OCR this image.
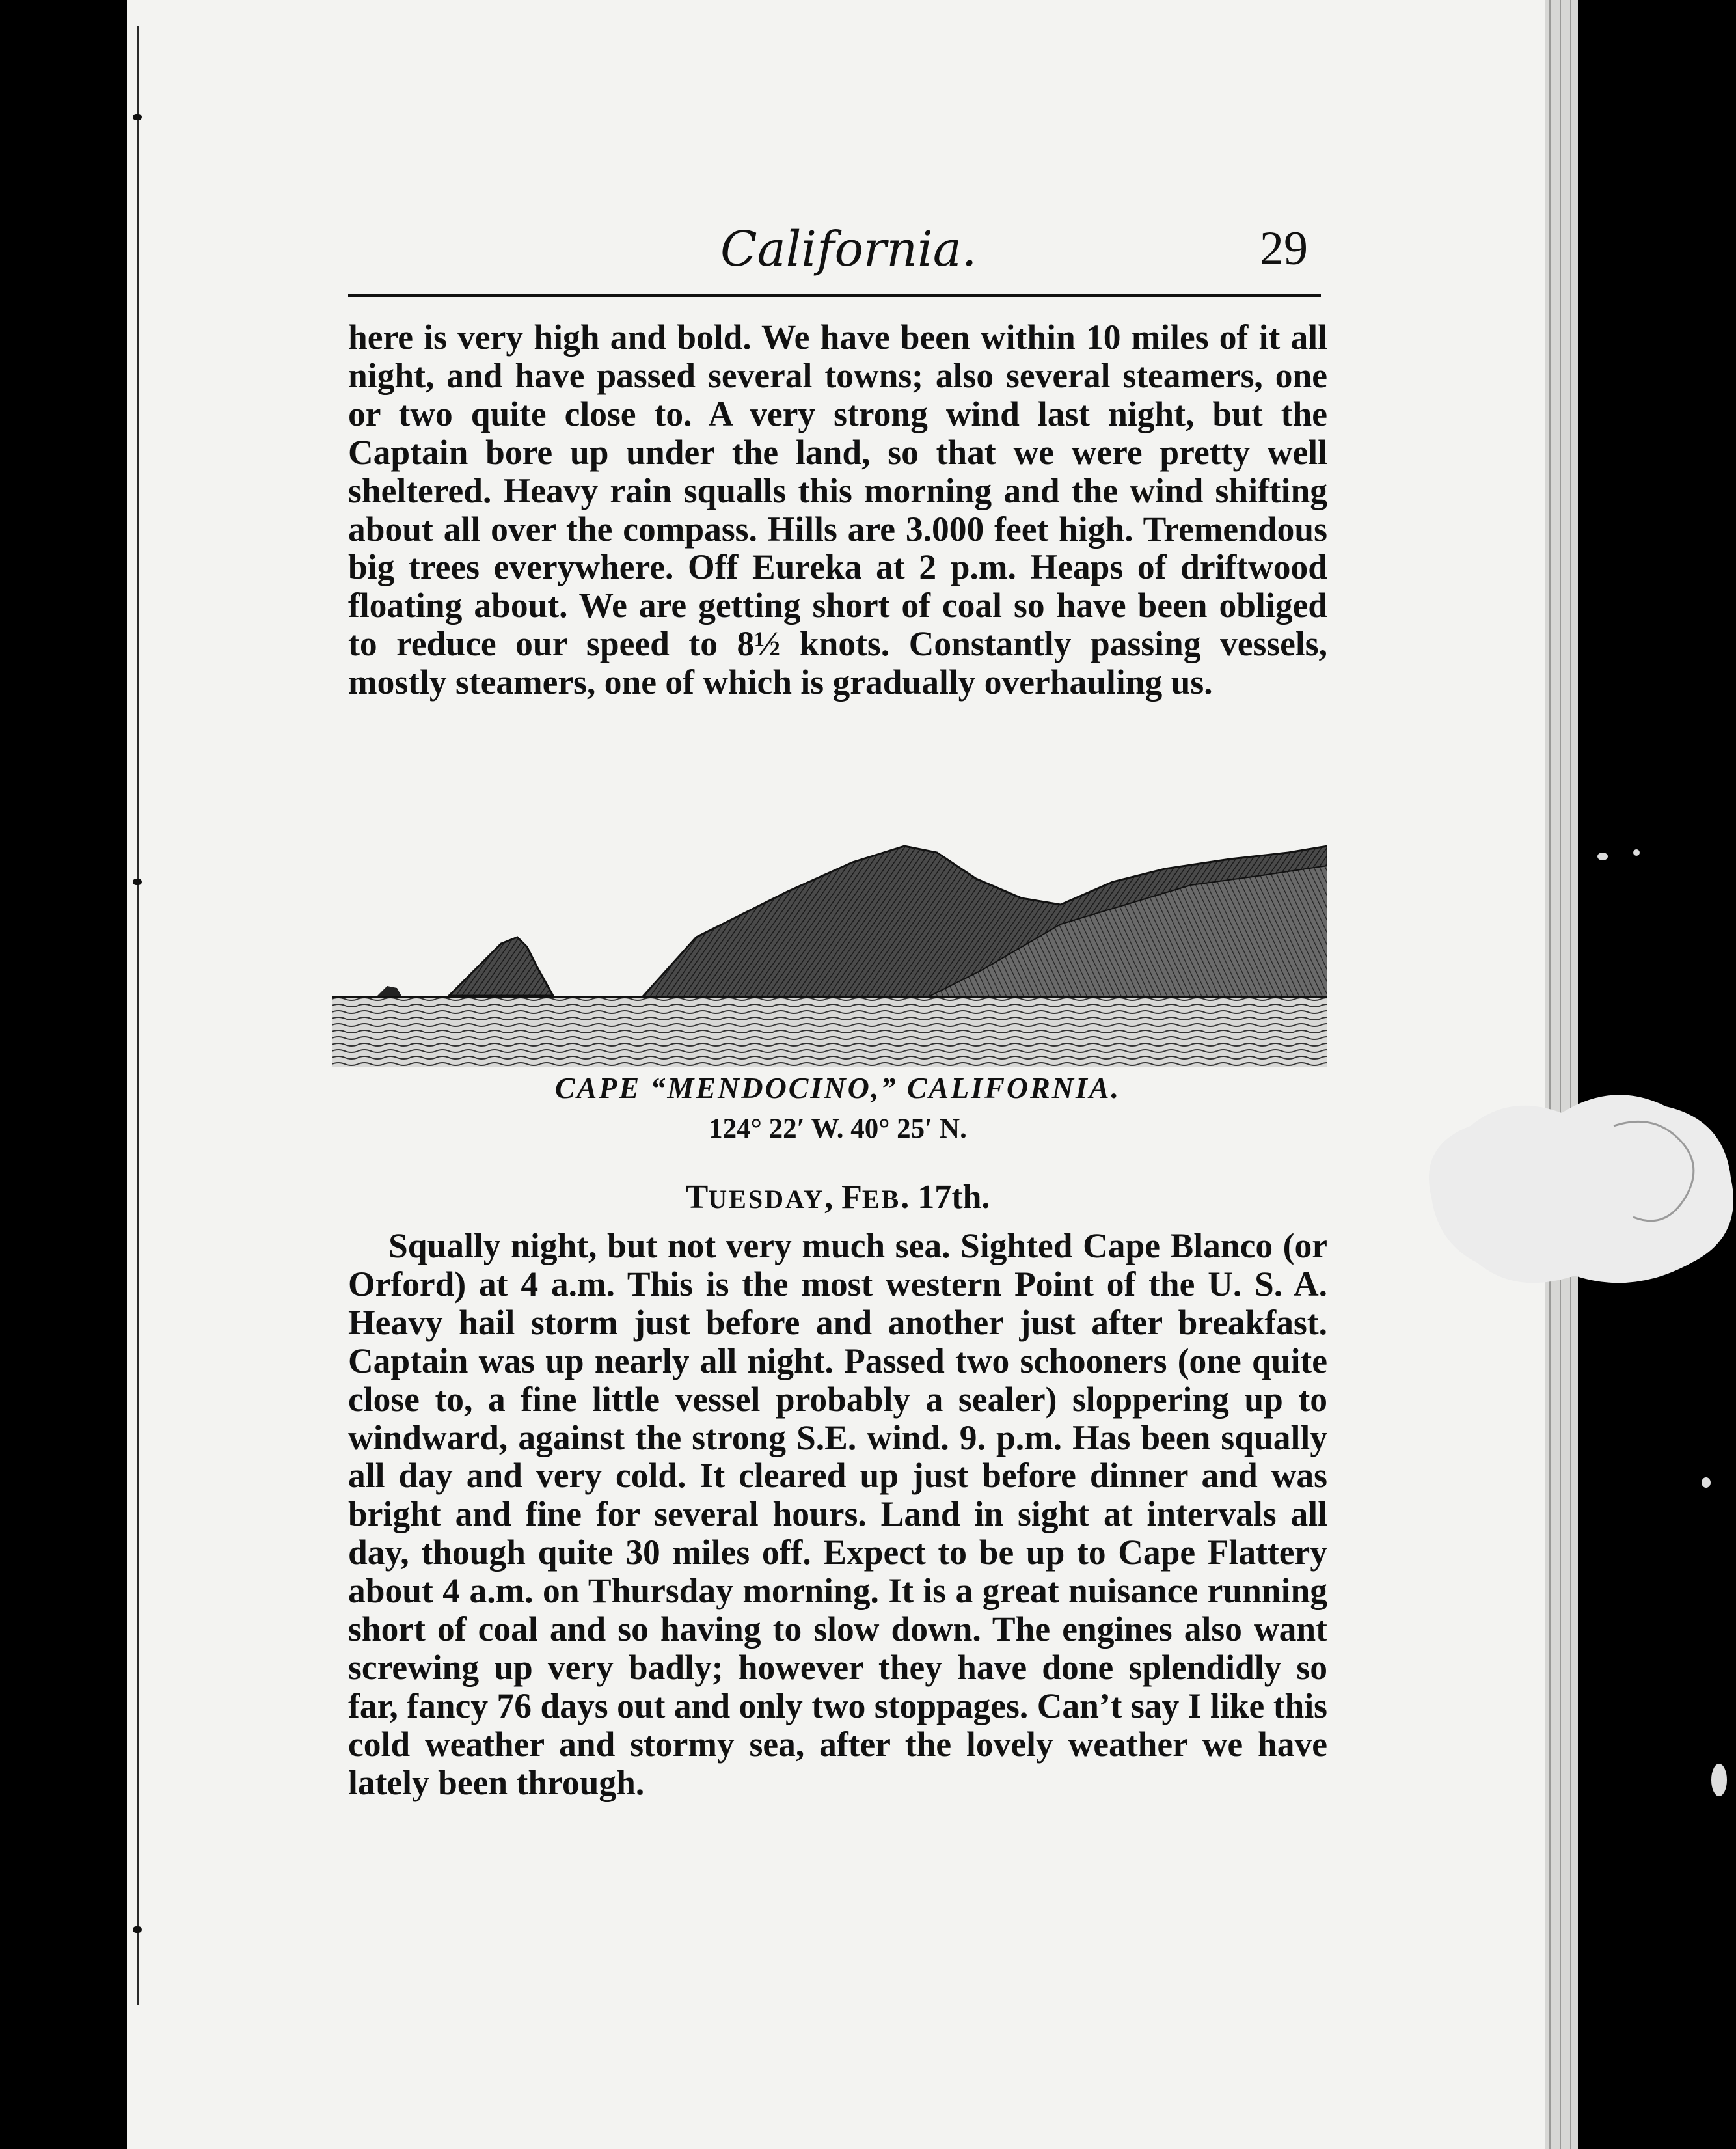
California.	29

here is very high and bold. We have been within 10 miles of it all night, and have passed several towns; also several steamers, one or two quite close to. A very strong wind last night, but the Captain bore up under the land, so that we were pretty well sheltered. Heavy rain squalls this morning and the wind shifting about all over the compass. Hills are 3.000 feet high. Tremendous big trees everywhere. Off Eureka at 2 p.m. Heaps of driftwood floating about. We are getting short of coal so have been obliged to reduce our speed to 8½ knots. Constantly passing vessels, mostly steamers, one of which is gradually overhauling us.

CAPE “MENDOCINO,” CALIFORNIA.
124° 22′ W. 40° 25′ N.
TUESDAY, FEB. 17th.

Squally night, but not very much sea. Sighted Cape Blanco (or Orford) at 4 a.m. This is the most western Point of the U. S. A. Heavy hail storm just before and another just after breakfast. Captain was up nearly all night. Passed two schooners (one quite close to, a fine little vessel probably a sealer) sloppering up to windward, against the strong S.E. wind. 9. p.m. Has been squally all day and very cold. It cleared up just before dinner and was bright and fine for several hours. Land in sight at intervals all day, though quite 30 miles off. Expect to be up to Cape Flattery about 4 a.m. on Thursday morning. It is a great nuisance running short of coal and so having to slow down. The engines also want screwing up very badly; however they have done splendidly so far, fancy 76 days out and only two stoppages. Can’t say I like this cold weather and stormy sea, after the lovely weather we have lately been through.
